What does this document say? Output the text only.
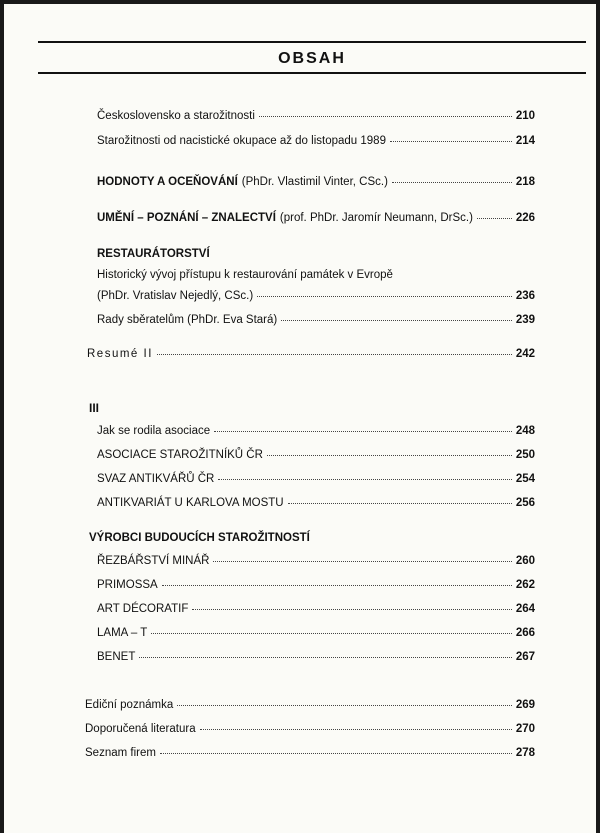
OBSAH
Československo a starožitnosti	210
Starožitnosti od nacistické okupace až do listopadu 1989	214
HODNOTY A OCEŇOVÁNÍ (PhDr. Vlastimil Vinter, CSc.)	218
UMĚNÍ – POZNÁNÍ – ZNALECTVÍ (prof. PhDr. Jaromír Neumann, DrSc.)	226
RESTAURÁTORSTVÍ
Historický vývoj přístupu k restaurování památek v Evropě
(PhDr. Vratislav Nejedlý, CSc.)	236
Rady sběratelům (PhDr. Eva Stará)	239
Resumé II	242
III
Jak se rodila asociace	248
ASOCIACE STAROŽITNÍKŮ ČR	250
SVAZ ANTIKVÁŘŮ ČR	254
ANTIKVARIÁT U KARLOVA MOSTU	256
VÝROBCI BUDOUCÍCH STAROŽITNOSTÍ
ŘEZBÁŘSTVÍ MINÁŘ	260
PRIMOSSA	262
ART DÉCORATIF	264
LAMA – T	266
BENET	267
Ediční poznámka	269
Doporučená literatura	270
Seznam firem	278
